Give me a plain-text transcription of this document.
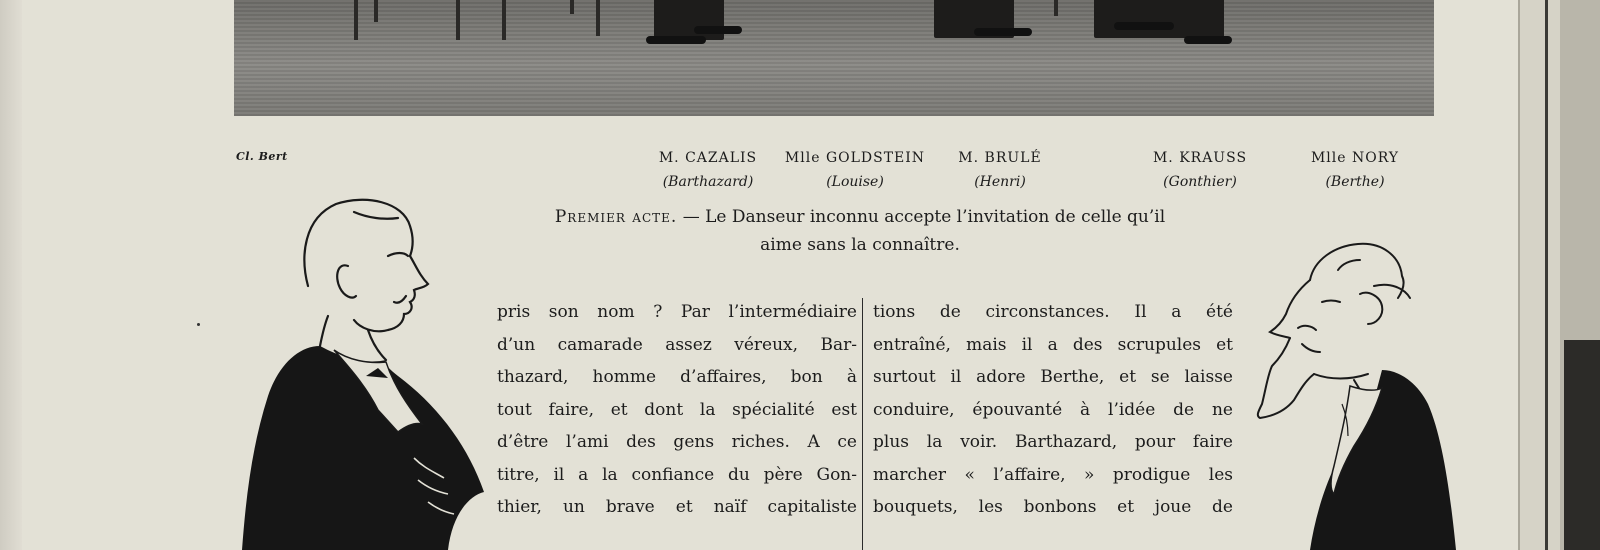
Cl. Bert	M. CAZALIS
(Barthazard)
Mlle GOLDSTEIN
(Louise)
M. BRULÉ
(Henri)
M. KRAUSS
(Gonthier)
Mlle NORY
(Berthe)
Premier acte. — Le Danseur inconnu accepte l’invitation de celle qu’il
aime sans la connaître.
pris son nom ? Par l’intermédiaire
d’un camarade assez véreux, Bar-
thazard, homme d’affaires, bon à
tout faire, et dont la spécialité est
d’être l’ami des gens riches. A ce
titre, il a la confiance du père Gon-
thier, un brave et naïf capitaliste
tions de circonstances. Il a été
entraîné, mais il a des scrupules et
surtout il adore Berthe, et se laisse
conduire, épouvanté à l’idée de ne
plus la voir. Barthazard, pour faire
marcher « l’affaire, » prodigue les
bouquets, les bonbons et joue de
